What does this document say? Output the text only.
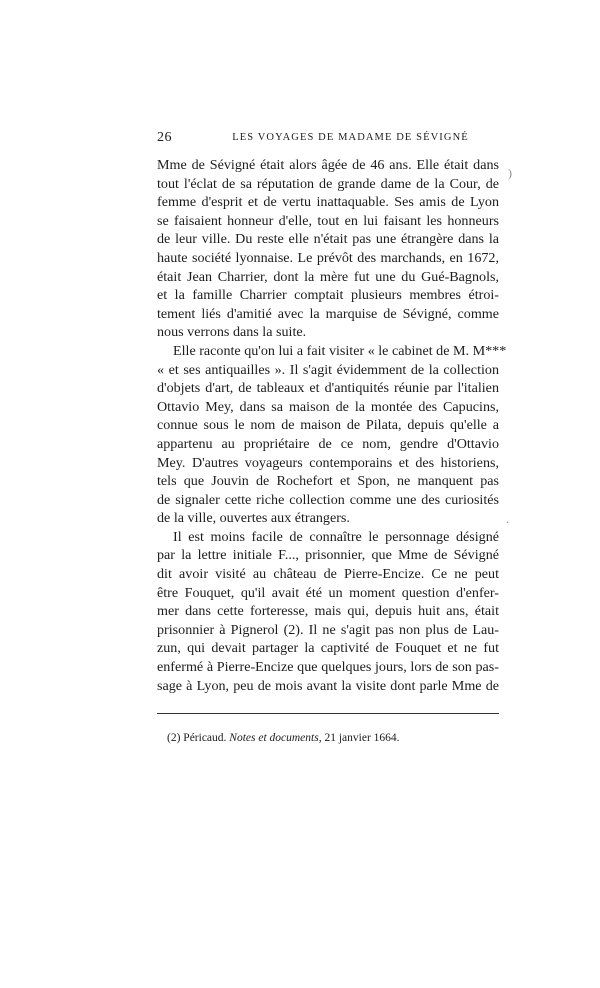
26	LES VOYAGES DE MADAME DE SÉVIGNÉ
Mme de Sévigné était alors âgée de 46 ans. Elle était dans
tout l'éclat de sa réputation de grande dame de la Cour, de
femme d'esprit et de vertu inattaquable. Ses amis de Lyon
se faisaient honneur d'elle, tout en lui faisant les honneurs
de leur ville. Du reste elle n'était pas une étrangère dans la
haute société lyonnaise. Le prévôt des marchands, en 1672,
était Jean Charrier, dont la mère fut une du Gué-Bagnols,
et la famille Charrier comptait plusieurs membres étroi-
tement liés d'amitié avec la marquise de Sévigné, comme
nous verrons dans la suite.
Elle raconte qu'on lui a fait visiter « le cabinet de M. M***
« et ses antiquailles ». Il s'agit évidemment de la collection
d'objets d'art, de tableaux et d'antiquités réunie par l'italien
Ottavio Mey, dans sa maison de la montée des Capucins,
connue sous le nom de maison de Pilata, depuis qu'elle a
appartenu au propriétaire de ce nom, gendre d'Ottavio
Mey. D'autres voyageurs contemporains et des historiens,
tels que Jouvin de Rochefort et Spon, ne manquent pas
de signaler cette riche collection comme une des curiosités
de la ville, ouvertes aux étrangers.
Il est moins facile de connaître le personnage désigné
par la lettre initiale F..., prisonnier, que Mme de Sévigné
dit avoir visité au château de Pierre-Encize. Ce ne peut
être Fouquet, qu'il avait été un moment question d'enfer-
mer dans cette forteresse, mais qui, depuis huit ans, était
prisonnier à Pignerol (2). Il ne s'agit pas non plus de Lau-
zun, qui devait partager la captivité de Fouquet et ne fut
enfermé à Pierre-Encize que quelques jours, lors de son pas-
sage à Lyon, peu de mois avant la visite dont parle Mme de
(2) Péricaud. Notes et documents, 21 janvier 1664.
)
.
